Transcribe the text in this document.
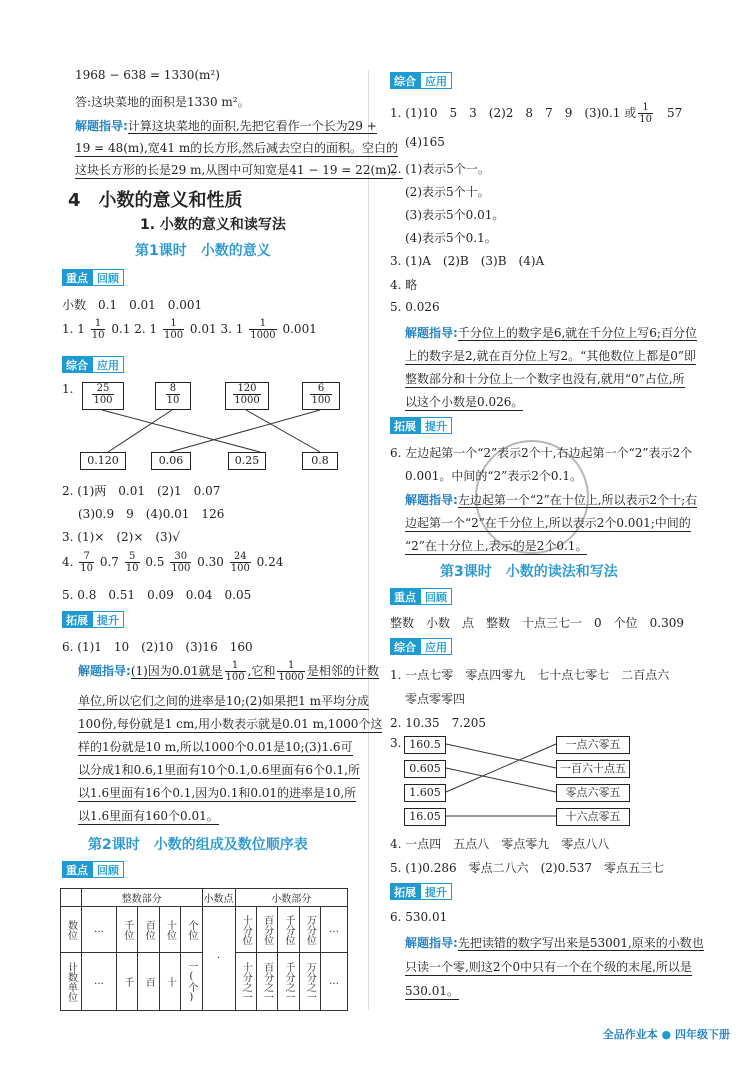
1968 − 638 = 1330(m²)
答:这块菜地的面积是1330 m²。
解题指导:计算这块菜地的面积,先把它看作一个长为29 +
19 = 48(m),宽41 m的长方形,然后减去空白的面积。空白的
这块长方形的长是29 m,从图中可知宽是41 − 19 = 22(m)。
4　 小数的意义和性质
1. 小数的意义和读写法
第1课时　小数的意义
重点 回顾
小数　0.1　0.01　0.001
1. $1 \frac{1}{10} 0.1$ 2. $1 \frac{1}{100} 0.01$ 3. $1 \frac{1}{1000} 0.001$
综合 应用
1. $\frac{25}{100}$	$\frac{8}{10}$	$\frac{120}{1000}$	$\frac{6}{100}$
0.120	0.06	0.25	0.8
2. (1)两　0.01　(2)1　0.07
(3)0.9　9　(4)0.01　126
3. (1)×　(2)×　(3)√
4. $\frac{7}{10} 0.7 \frac{5}{10} 0.5 \frac{30}{100} 0.30 \frac{24}{100} 0.24$
5. 0.8　0.51　0.09　0.04　0.05
拓展 提升
6. (1)1　10　(2)10　(3)16　160
解题指导:(1)因为0.01就是 $\frac{1}{100}$ ,它和 $\frac{1}{1000}$ 是相邻的计数
单位,所以它们之间的进率是10;(2)如果把1 m平均分成
100份,每份就是1 cm,用小数表示就是0.01 m,1000个这
样的1份就是10 m,所以1000个0.01是10;(3)1.6可
以分成1和0.6,1里面有10个0.1,0.6里面有6个0.1,所
以1.6里面有16个0.1,因为0.1和0.01的进率是10,所
以1.6里面有160个0.01。
第2课时　小数的组成及数位顺序表
重点 回顾
	整数部分					小数点	小数部分				
数位	…	千位	百位	十位	个位	·	十分位	百分位	千分位	万分位	…
计数单位	…	千	百	十	一(个)		十分之一	百分之一	千分之一	万分之一	…
综合 应用
1. (1)10　5　3　(2)2　8　7　9　(3)0.1 或 $\frac{1}{10}$
　 57
(4)165
2. (1)表示5个一。
(2)表示5个十。
(3)表示5个0.01。
(4)表示5个0.1。
3. (1)A　(2)B　(3)B　(4)A
4. 略
5. 0.026
解题指导:千分位上的数字是6,就在千分位上写6;百分位
上的数字是2,就在百分位上写2。“其他数位上都是0”即
整数部分和十分位上一个数字也没有,就用“0”占位,所
以这个小数是0.026。
拓展 提升
6. 左边起第一个“2”表示2个十,右边起第一个“2”表示2个
0.001。中间的“2”表示2个0.1。
解题指导:左边起第一个“2”在十位上,所以表示2个十;右
边起第一个“2”在千分位上,所以表示2个0.001;中间的
“2”在十分位上,表示的是2个0.1。
第3课时　小数的读法和写法
重点 回顾
整数　小数　点　整数　十点三七一　0　个位　0.309
综合 应用
1. 一点七零　零点四零九　七十点七零七　二百点六
零点零零四
2. 10.35　7.205
3. 160.5
0.605
1.605
16.05
一点六零五
一百六十点五
零点六零五
十六点零五
4. 一点四　五点八　零点零九　零点八八
5. (1)0.286　零点二八六　(2)0.537　零点五三七
拓展 提升
6. 530.01
解题指导:先把读错的数字写出来是53001,原来的小数也
只读一个零,则这2个0中只有一个在个级的末尾,所以是
530.01。
全品作业本 ● 四年级下册
